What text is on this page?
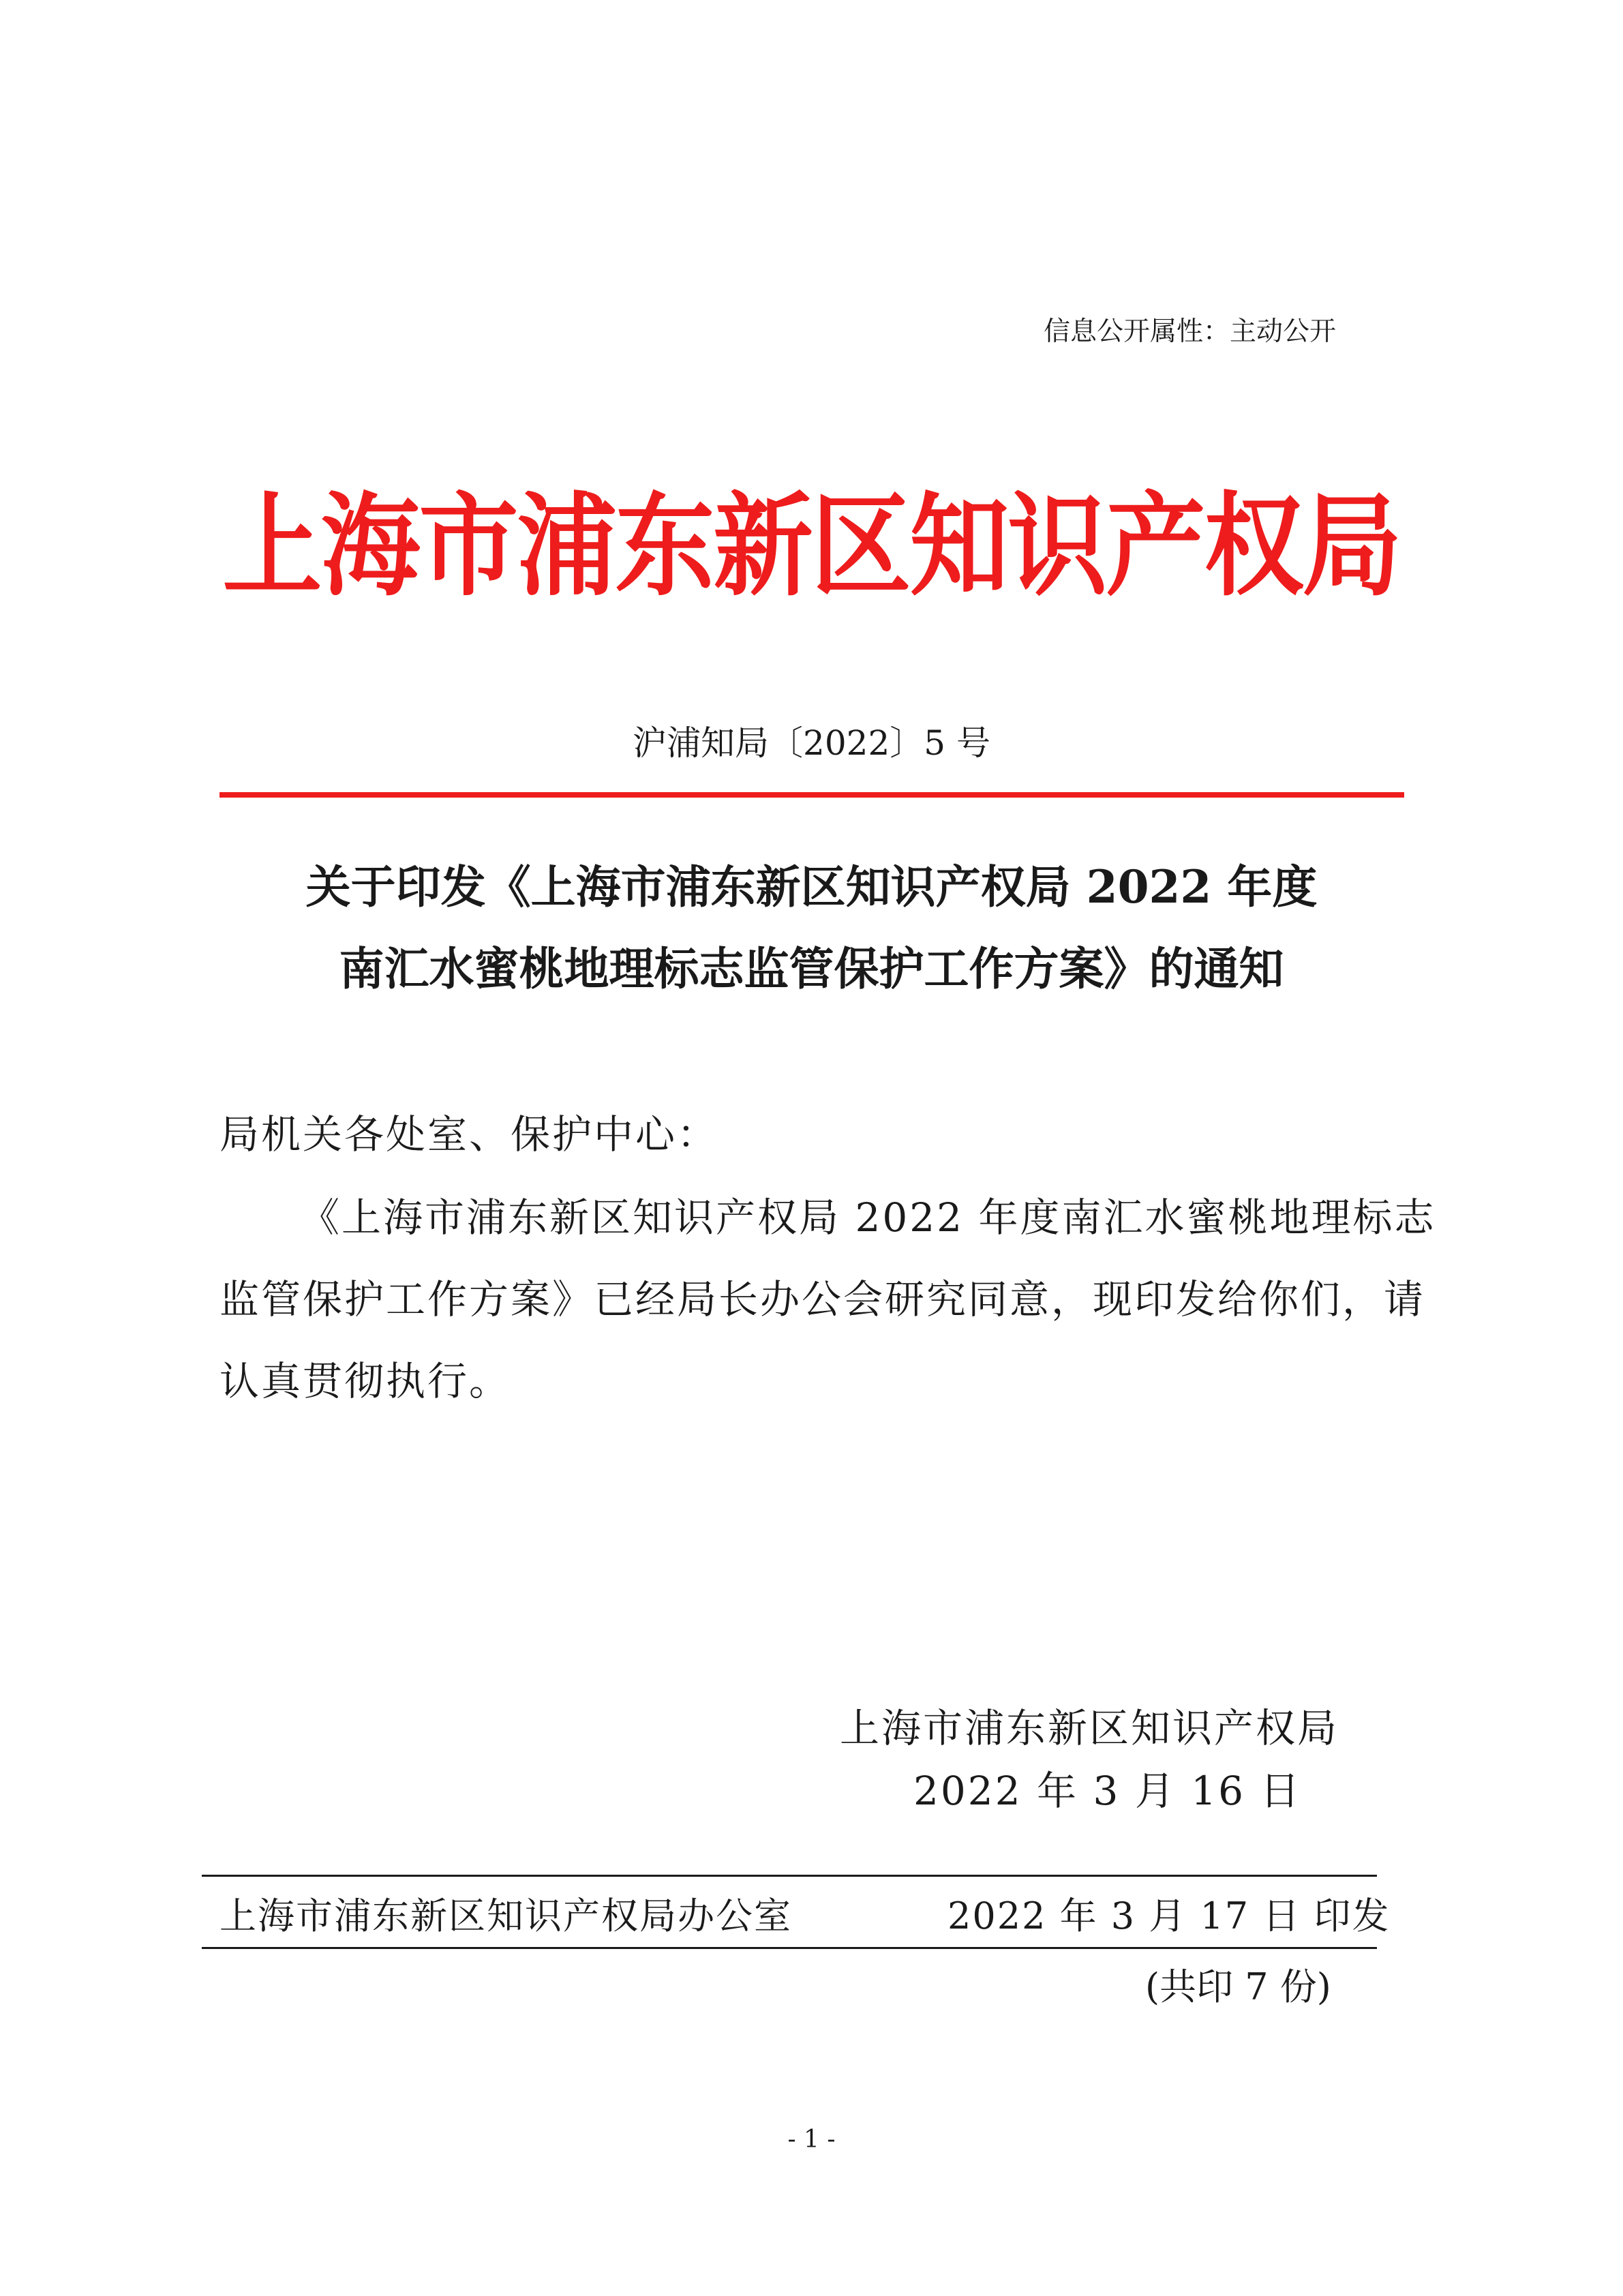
信息公开属性：主动公开
上海市浦东新区知识产权局
沪浦知局〔2022〕5 号
关于印发《上海市浦东新区知识产权局 2022 年度
南汇水蜜桃地理标志监管保护工作方案》的通知
局机关各处室、保护中心：
《上海市浦东新区知识产权局 2022 年度南汇水蜜桃地理标志
监管保护工作方案》已经局长办公会研究同意，现印发给你们，请
认真贯彻执行。
上海市浦东新区知识产权局
2022 年 3 月 16 日
上海市浦东新区知识产权局办公室	2022 年 3 月 17 日 印发
(共印 7 份)
- 1 -
